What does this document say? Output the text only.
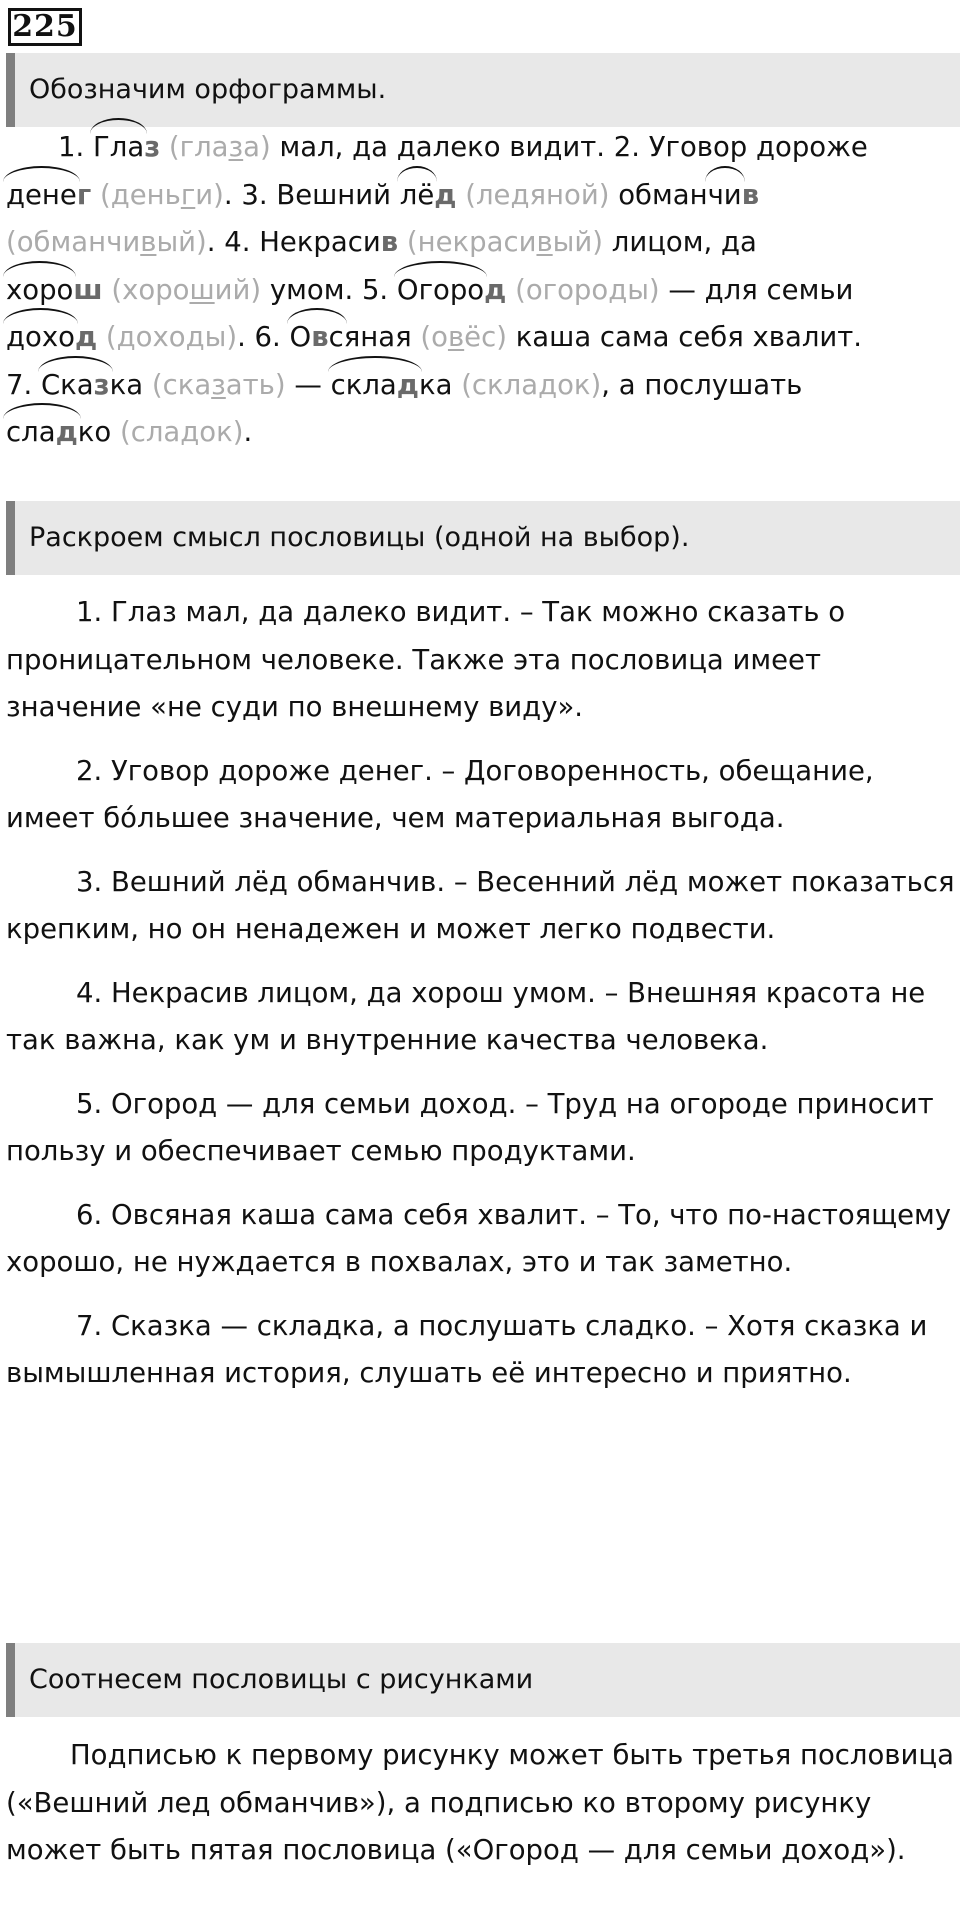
225
Обозначим орфограммы.
1. Глаз (глаза) мал, да далеко видит. 2. Уговор дороже
денег (деньги). 3. Вешний лёд (ледяной) обманчив
(обманчивый). 4. Некрасив (некрасивый) лицом, да
хорош (хороший) умом. 5. Огород (огороды) — для семьи
доход (доходы). 6. Овсяная (овёс) каша сама себя хвалит.
7. Сказка (сказать) — складка (складок), а послушать
сладко (сладок).
Раскроем смысл пословицы (одной на выбор).

1. Глаз мал, да далеко видит. – Так можно сказать о проницательном человеке. Также эта пословица имеет значение «не суди по внешнему виду».

2. Уговор дороже денег. – Договоренность, обещание, имеет бóльшее значение, чем материальная выгода.

3. Вешний лёд обманчив. – Весенний лёд может показаться крепким, но он ненадежен и может легко подвести.

4. Некрасив лицом, да хорош умом. – Внешняя красота не так важна, как ум и внутренние качества человека.

5. Огород — для семьи доход. – Труд на огороде приносит пользу и обеспечивает семью продуктами.

6. Овсяная каша сама себя хвалит. – То, что по-настоящему хорошо, не нуждается в похвалах, это и так заметно.

7. Сказка — складка, а послушать сладко. – Хотя сказка и вымышленная история, слушать её интересно и приятно.

Соотнесем пословицы с рисунками

Подписью к первому рисунку может быть третья пословица («Вешний лед обманчив»), а подписью ко второму рисунку может быть пятая пословица («Огород — для семьи доход»).
